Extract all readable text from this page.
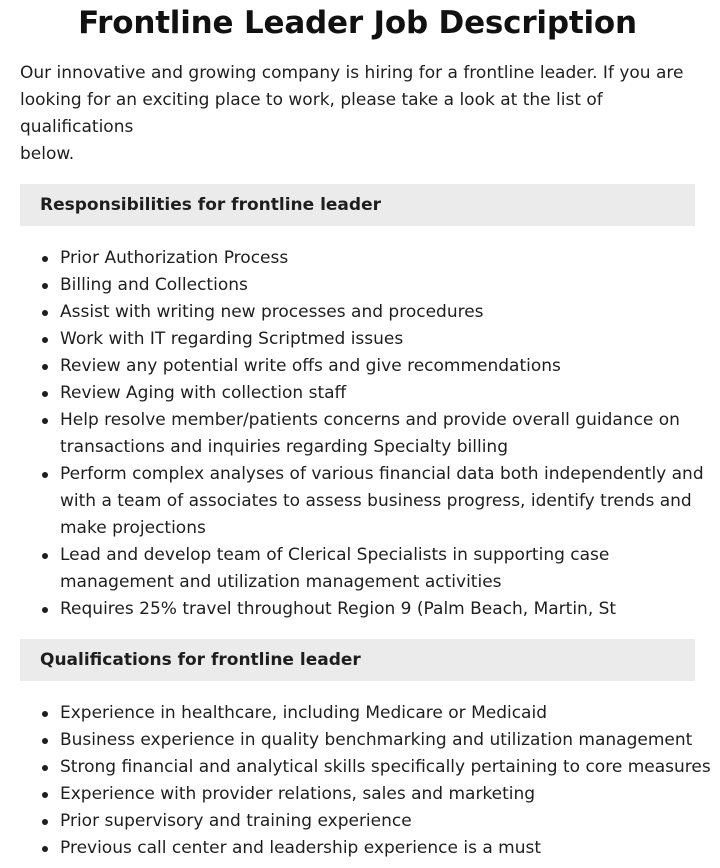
Frontline Leader Job Description

Our innovative and growing company is hiring for a frontline leader. If you are
looking for an exciting place to work, please take a look at the list of qualifications
below.

Responsibilities for frontline leader
Prior Authorization Process
Billing and Collections
Assist with writing new processes and procedures
Work with IT regarding Scriptmed issues
Review any potential write offs and give recommendations
Review Aging with collection staff
Help resolve member/patients concerns and provide overall guidance on
transactions and inquiries regarding Specialty billing
Perform complex analyses of various financial data both independently and
with a team of associates to assess business progress, identify trends and
make projections
Lead and develop team of Clerical Specialists in supporting case
management and utilization management activities
Requires 25% travel throughout Region 9 (Palm Beach, Martin, St
Qualifications for frontline leader
Experience in healthcare, including Medicare or Medicaid
Business experience in quality benchmarking and utilization management
Strong financial and analytical skills specifically pertaining to core measures
Experience with provider relations, sales and marketing
Prior supervisory and training experience
Previous call center and leadership experience is a must
